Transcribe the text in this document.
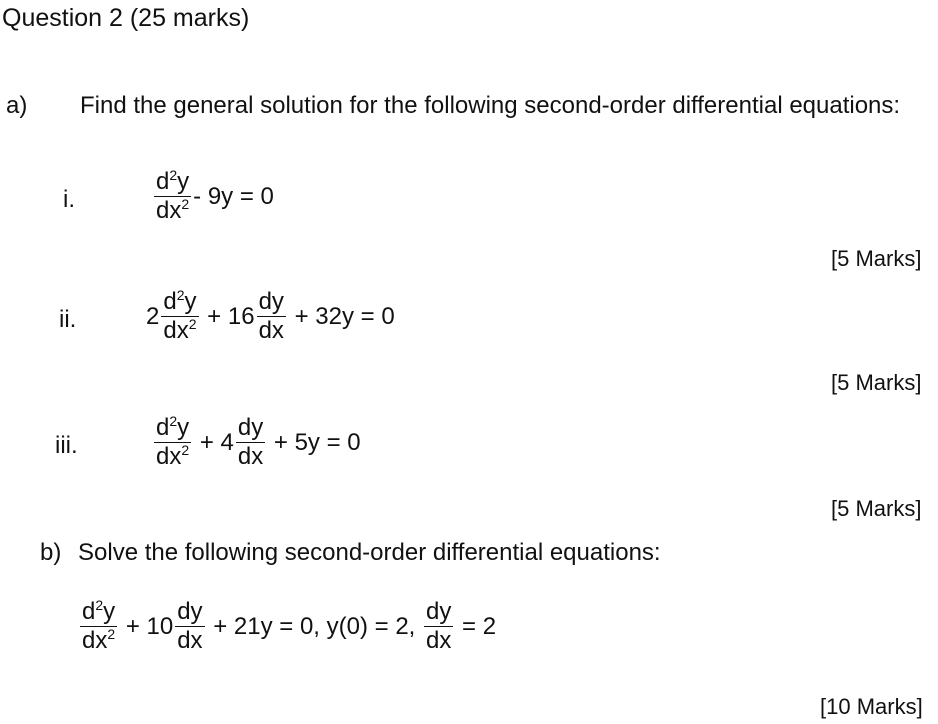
Question 2 (25 marks)
a) Find the general solution for the following second-order differential equations:
i.	$\frac{d^2y}{dx^2} - 9y = 0$
[5 Marks]
ii.	$2 \frac{d^2y}{dx^2} + 16 \frac{dy}{dx} + 32y = 0$
[5 Marks]
iii.	$\frac{d^2y}{dx^2} + 4 \frac{dy}{dx} + 5y = 0$
[5 Marks]
b) Solve the following second-order differential equations:
$\frac{d^2y}{dx^2} + 10 \frac{dy}{dx} + 21y = 0$, y(0) = 2, $\frac{dy}{dx} = 2$
[10 Marks]
